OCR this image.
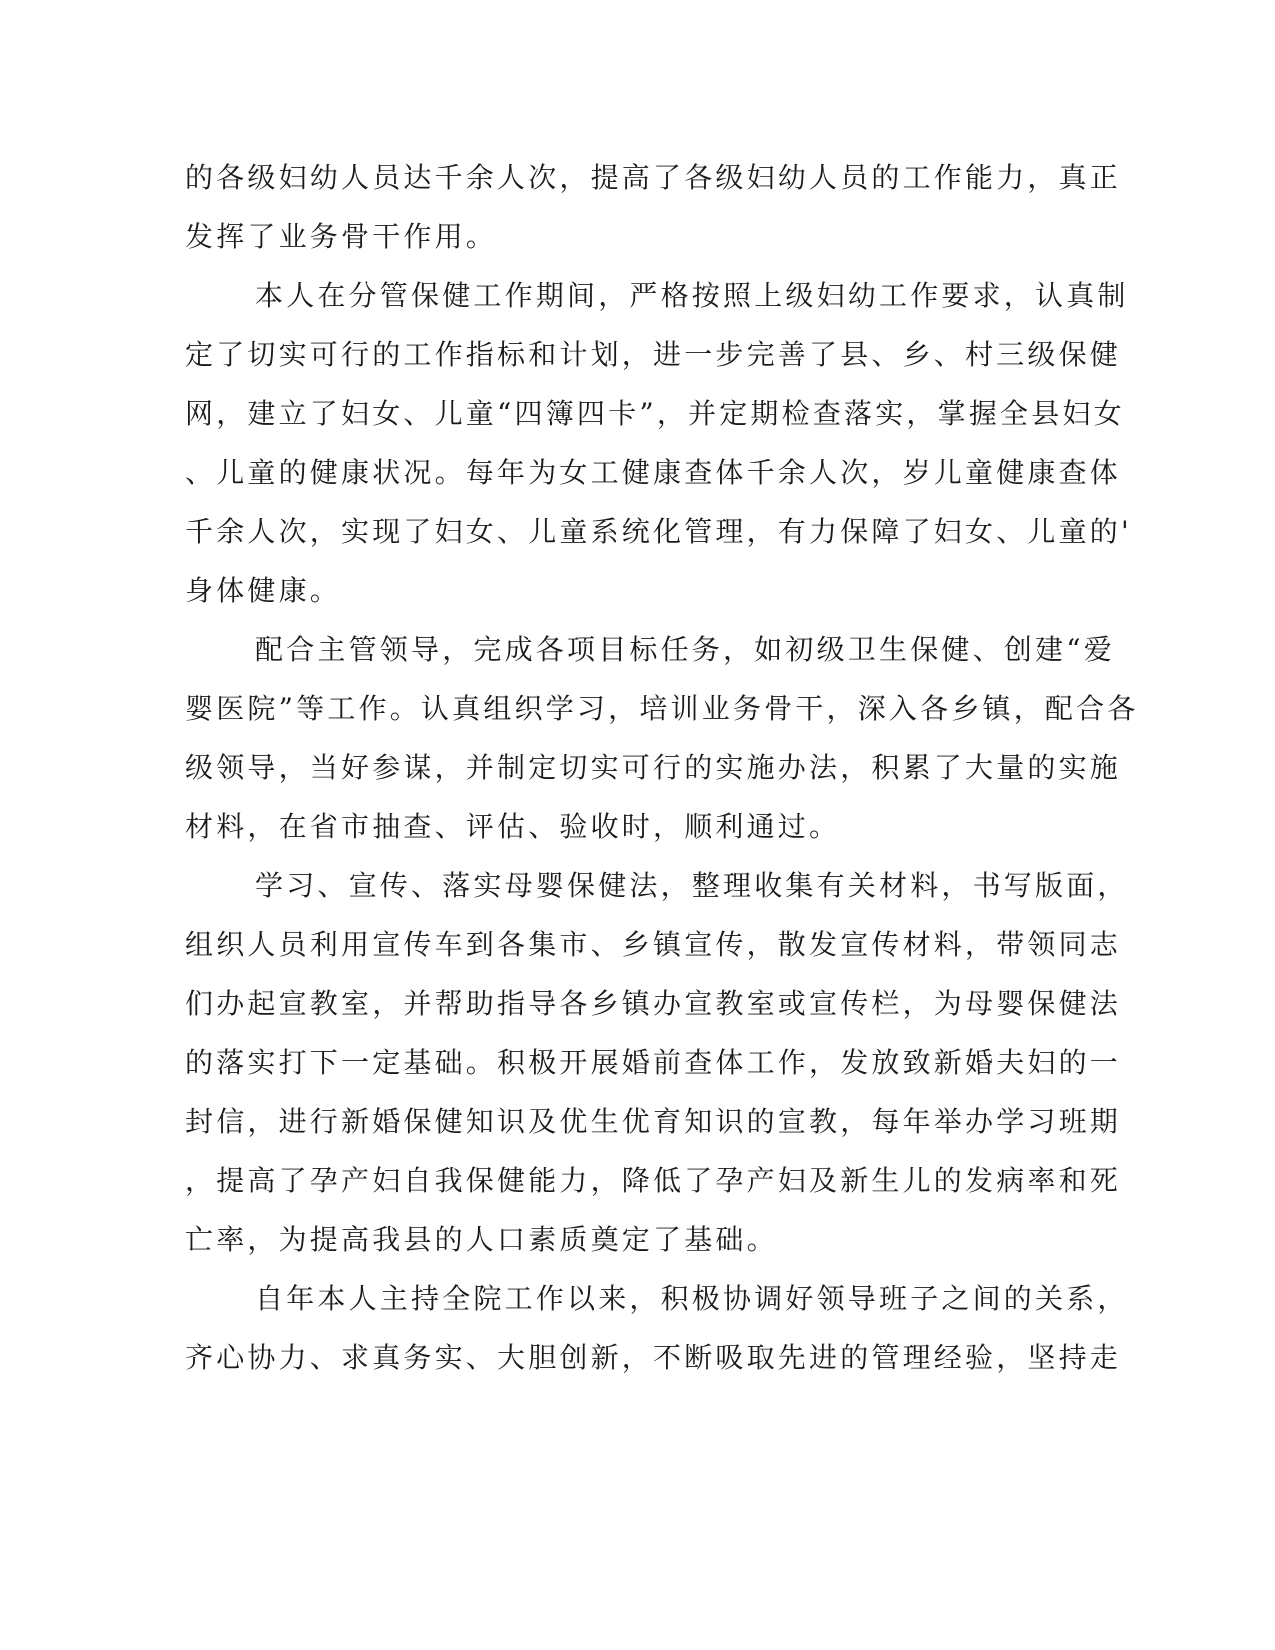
的各级妇幼人员达千余人次，提高了各级妇幼人员的工作能力，真正

发挥了业务骨干作用。

本人在分管保健工作期间，严格按照上级妇幼工作要求，认真制

定了切实可行的工作指标和计划，进一步完善了县、乡、村三级保健

网，建立了妇女、儿童“四簿四卡”，并定期检查落实，掌握全县妇女

、儿童的健康状况。每年为女工健康查体千余人次，岁儿童健康查体

千余人次，实现了妇女、儿童系统化管理，有力保障了妇女、儿童的'

身体健康。

配合主管领导，完成各项目标任务，如初级卫生保健、创建“爱

婴医院”等工作。认真组织学习，培训业务骨干，深入各乡镇，配合各

级领导，当好参谋，并制定切实可行的实施办法，积累了大量的实施

材料，在省市抽查、评估、验收时，顺利通过。

学习、宣传、落实母婴保健法，整理收集有关材料，书写版面，

组织人员利用宣传车到各集市、乡镇宣传，散发宣传材料，带领同志

们办起宣教室，并帮助指导各乡镇办宣教室或宣传栏，为母婴保健法

的落实打下一定基础。积极开展婚前查体工作，发放致新婚夫妇的一

封信，进行新婚保健知识及优生优育知识的宣教，每年举办学习班期

，提高了孕产妇自我保健能力，降低了孕产妇及新生儿的发病率和死

亡率，为提高我县的人口素质奠定了基础。

自年本人主持全院工作以来，积极协调好领导班子之间的关系，

齐心协力、求真务实、大胆创新，不断吸取先进的管理经验，坚持走
